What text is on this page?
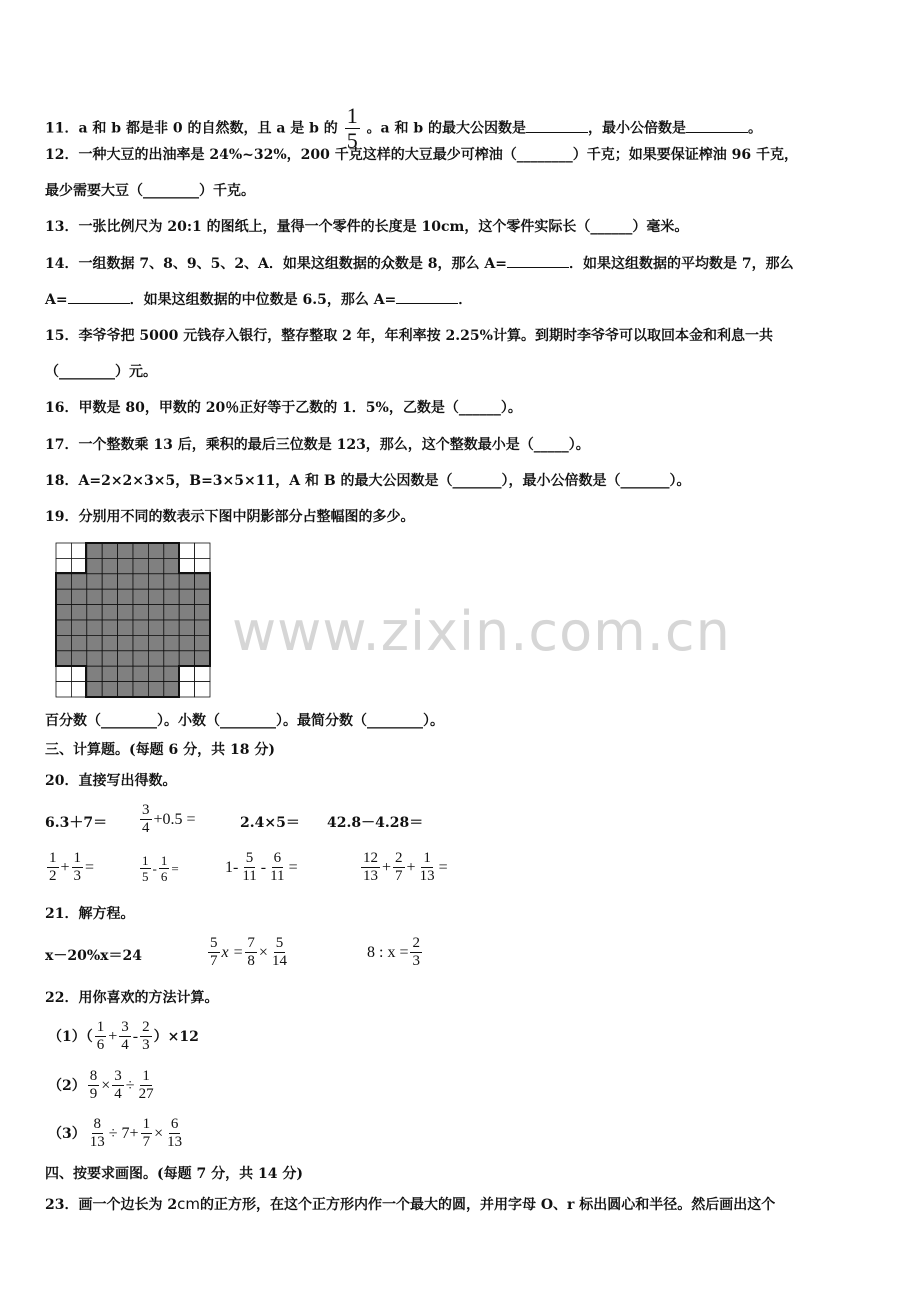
11．a 和 b 都是非 0 的自然数，且 a 是 b 的 $\frac{1}{5}$ 。a 和 b 的最大公因数是	，最小公倍数是	。
12．一种大豆的出油率是 24%~32%，200 千克这样的大豆最少可榨油（________）千克；如果要保证榨油 96 千克，
最少需要大豆（________）千克。
13．一张比例尺为 20:1 的图纸上，量得一个零件的长度是 10cm，这个零件实际长（______）毫米。
14．一组数据 7、8、9、5、2、A．如果这组数据的众数是 8，那么 A=	．如果这组数据的平均数是 7，那么
A=	．如果这组数据的中位数是 6.5，那么 A=	．
15．李爷爷把 5000 元钱存入银行，整存整取 2 年，年利率按 2.25%计算。到期时李爷爷可以取回本金和利息一共
（________）元。
16．甲数是 80，甲数的 20％正好等于乙数的 1．5%，乙数是（______）。
17．一个整数乘 13 后，乘积的最后三位数是 123，那么，这个整数最小是（_____）。
18．A=2×2×3×5，B=3×5×11，A 和 B 的最大公因数是（_______），最小公倍数是（_______）。
19．分别用不同的数表示下图中阴影部分占整幅图的多少。
百分数（________）。小数（________）。最简分数（________）。
三、计算题。(每题 6 分，共 18 分)
20．直接写出得数。
$6.3+7= \frac{3}{4} +0.5$ =	2.4×5＝ 42.8－4.28＝
$\frac{1}{2} + \frac{1}{3}$ =	$\frac{1}{5} - \frac{1}{6}$ =	$1- \frac{5}{11} - \frac{6}{11}$ =	$\frac{12}{13} + \frac{2}{7} + \frac{1}{13}$ =
21．解方程。
x－20%x＝24	$\frac{5}{7}$ $x = \frac{7}{8} \times \frac{5}{14}$	8 : $x = \frac{2}{3}$
22．用你喜欢的方法计算。
$(1)( \frac{1}{6} + \frac{3}{4} - \frac{2}{3} )\times 12$
$(2) \frac{8}{9} \times \frac{3}{4} \div \frac{1}{27}$
$(3) \frac{8}{13} \div 7+ \frac{1}{7} \times \frac{6}{13}$
四、按要求画图。(每题 7 分，共 14 分)
23．画一个边长为 2cm的正方形，在这个正方形内作一个最大的圆，并用字母 O、r 标出圆心和半径。然后画出这个
www.zixin.com.cn
